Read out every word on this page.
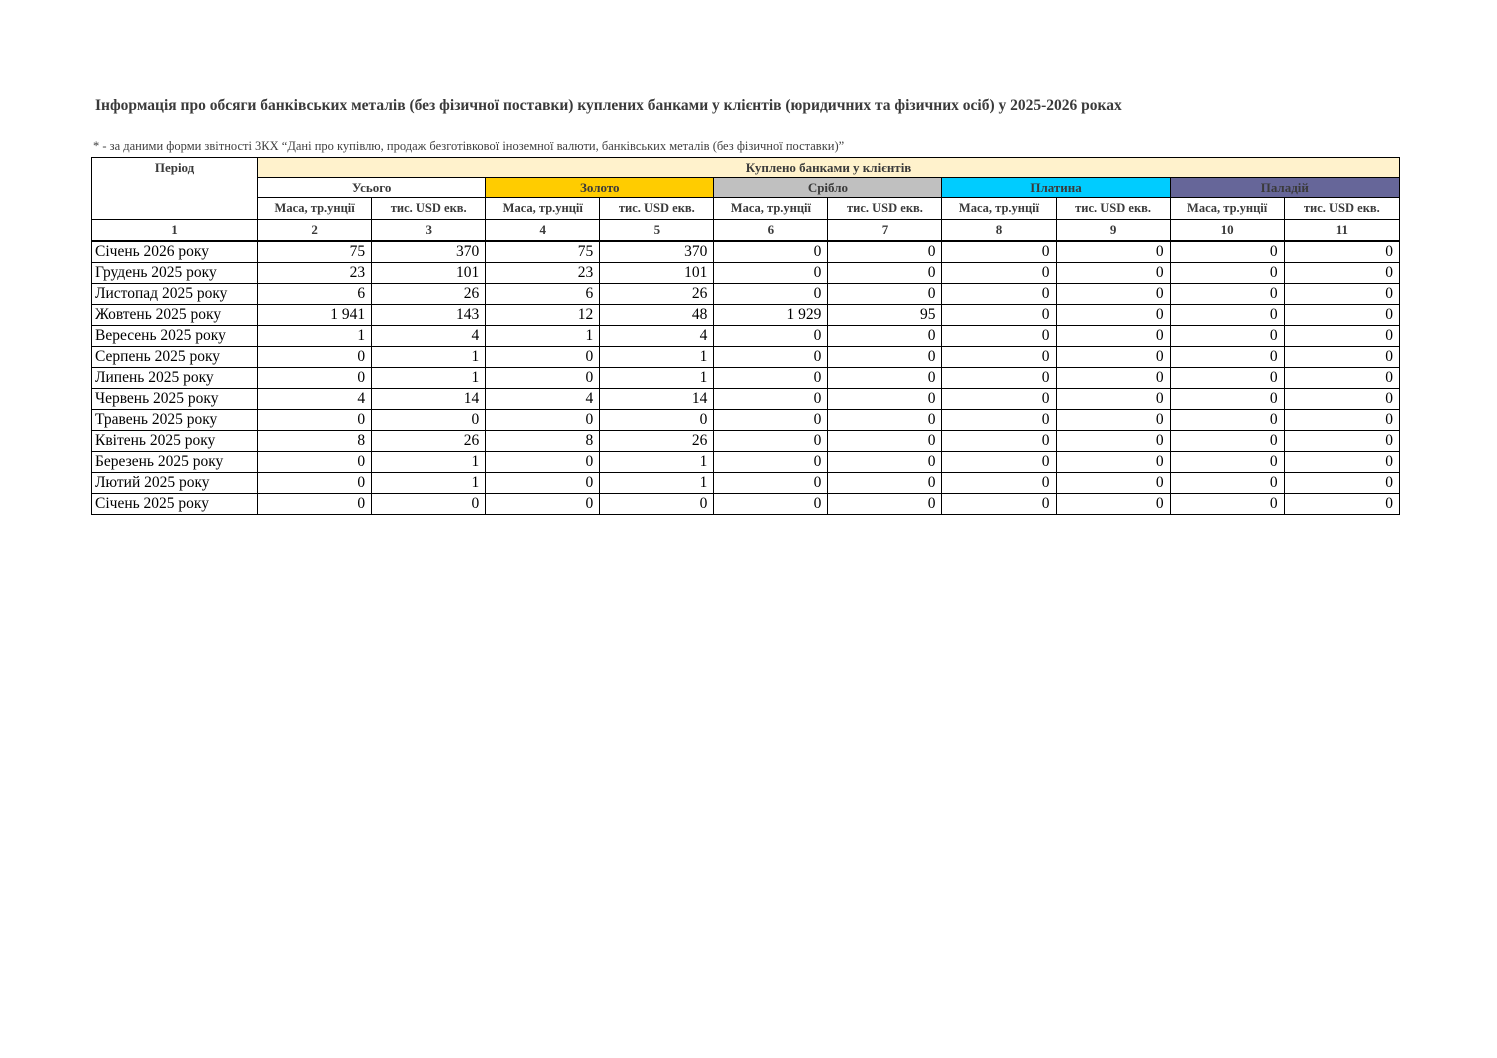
Інформація про обсяги банківських металів (без фізичної поставки) куплених банками у клієнтів (юридичних та фізичних осіб) у 2025-2026 роках
* - за даними форми звітності 3КХ “Дані про купівлю, продаж безготівкової іноземної валюти, банківських металів (без фізичної поставки)”
Період	Куплено банками у клієнтів									
	Усього		Золото		Срібло		Платина		Паладій	
	Маса, тр.унції	тис. USD екв.	Маса, тр.унції	тис. USD екв.	Маса, тр.унції	тис. USD екв.	Маса, тр.унції	тис. USD екв.	Маса, тр.унції	тис. USD екв.
1	2	3	4	5	6	7	8	9	10	11
Січень 2026 року	75	370	75	370	0	0	0	0	0	0
Грудень 2025 року	23	101	23	101	0	0	0	0	0	0
Листопад 2025 року	6	26	6	26	0	0	0	0	0	0
Жовтень 2025 року	1 941	143	12	48	1 929	95	0	0	0	0
Вересень 2025 року	1	4	1	4	0	0	0	0	0	0
Серпень 2025 року	0	1	0	1	0	0	0	0	0	0
Липень 2025 року	0	1	0	1	0	0	0	0	0	0
Червень 2025 року	4	14	4	14	0	0	0	0	0	0
Травень 2025 року	0	0	0	0	0	0	0	0	0	0
Квітень 2025 року	8	26	8	26	0	0	0	0	0	0
Березень 2025 року	0	1	0	1	0	0	0	0	0	0
Лютий 2025 року	0	1	0	1	0	0	0	0	0	0
Січень 2025 року	0	0	0	0	0	0	0	0	0	0
